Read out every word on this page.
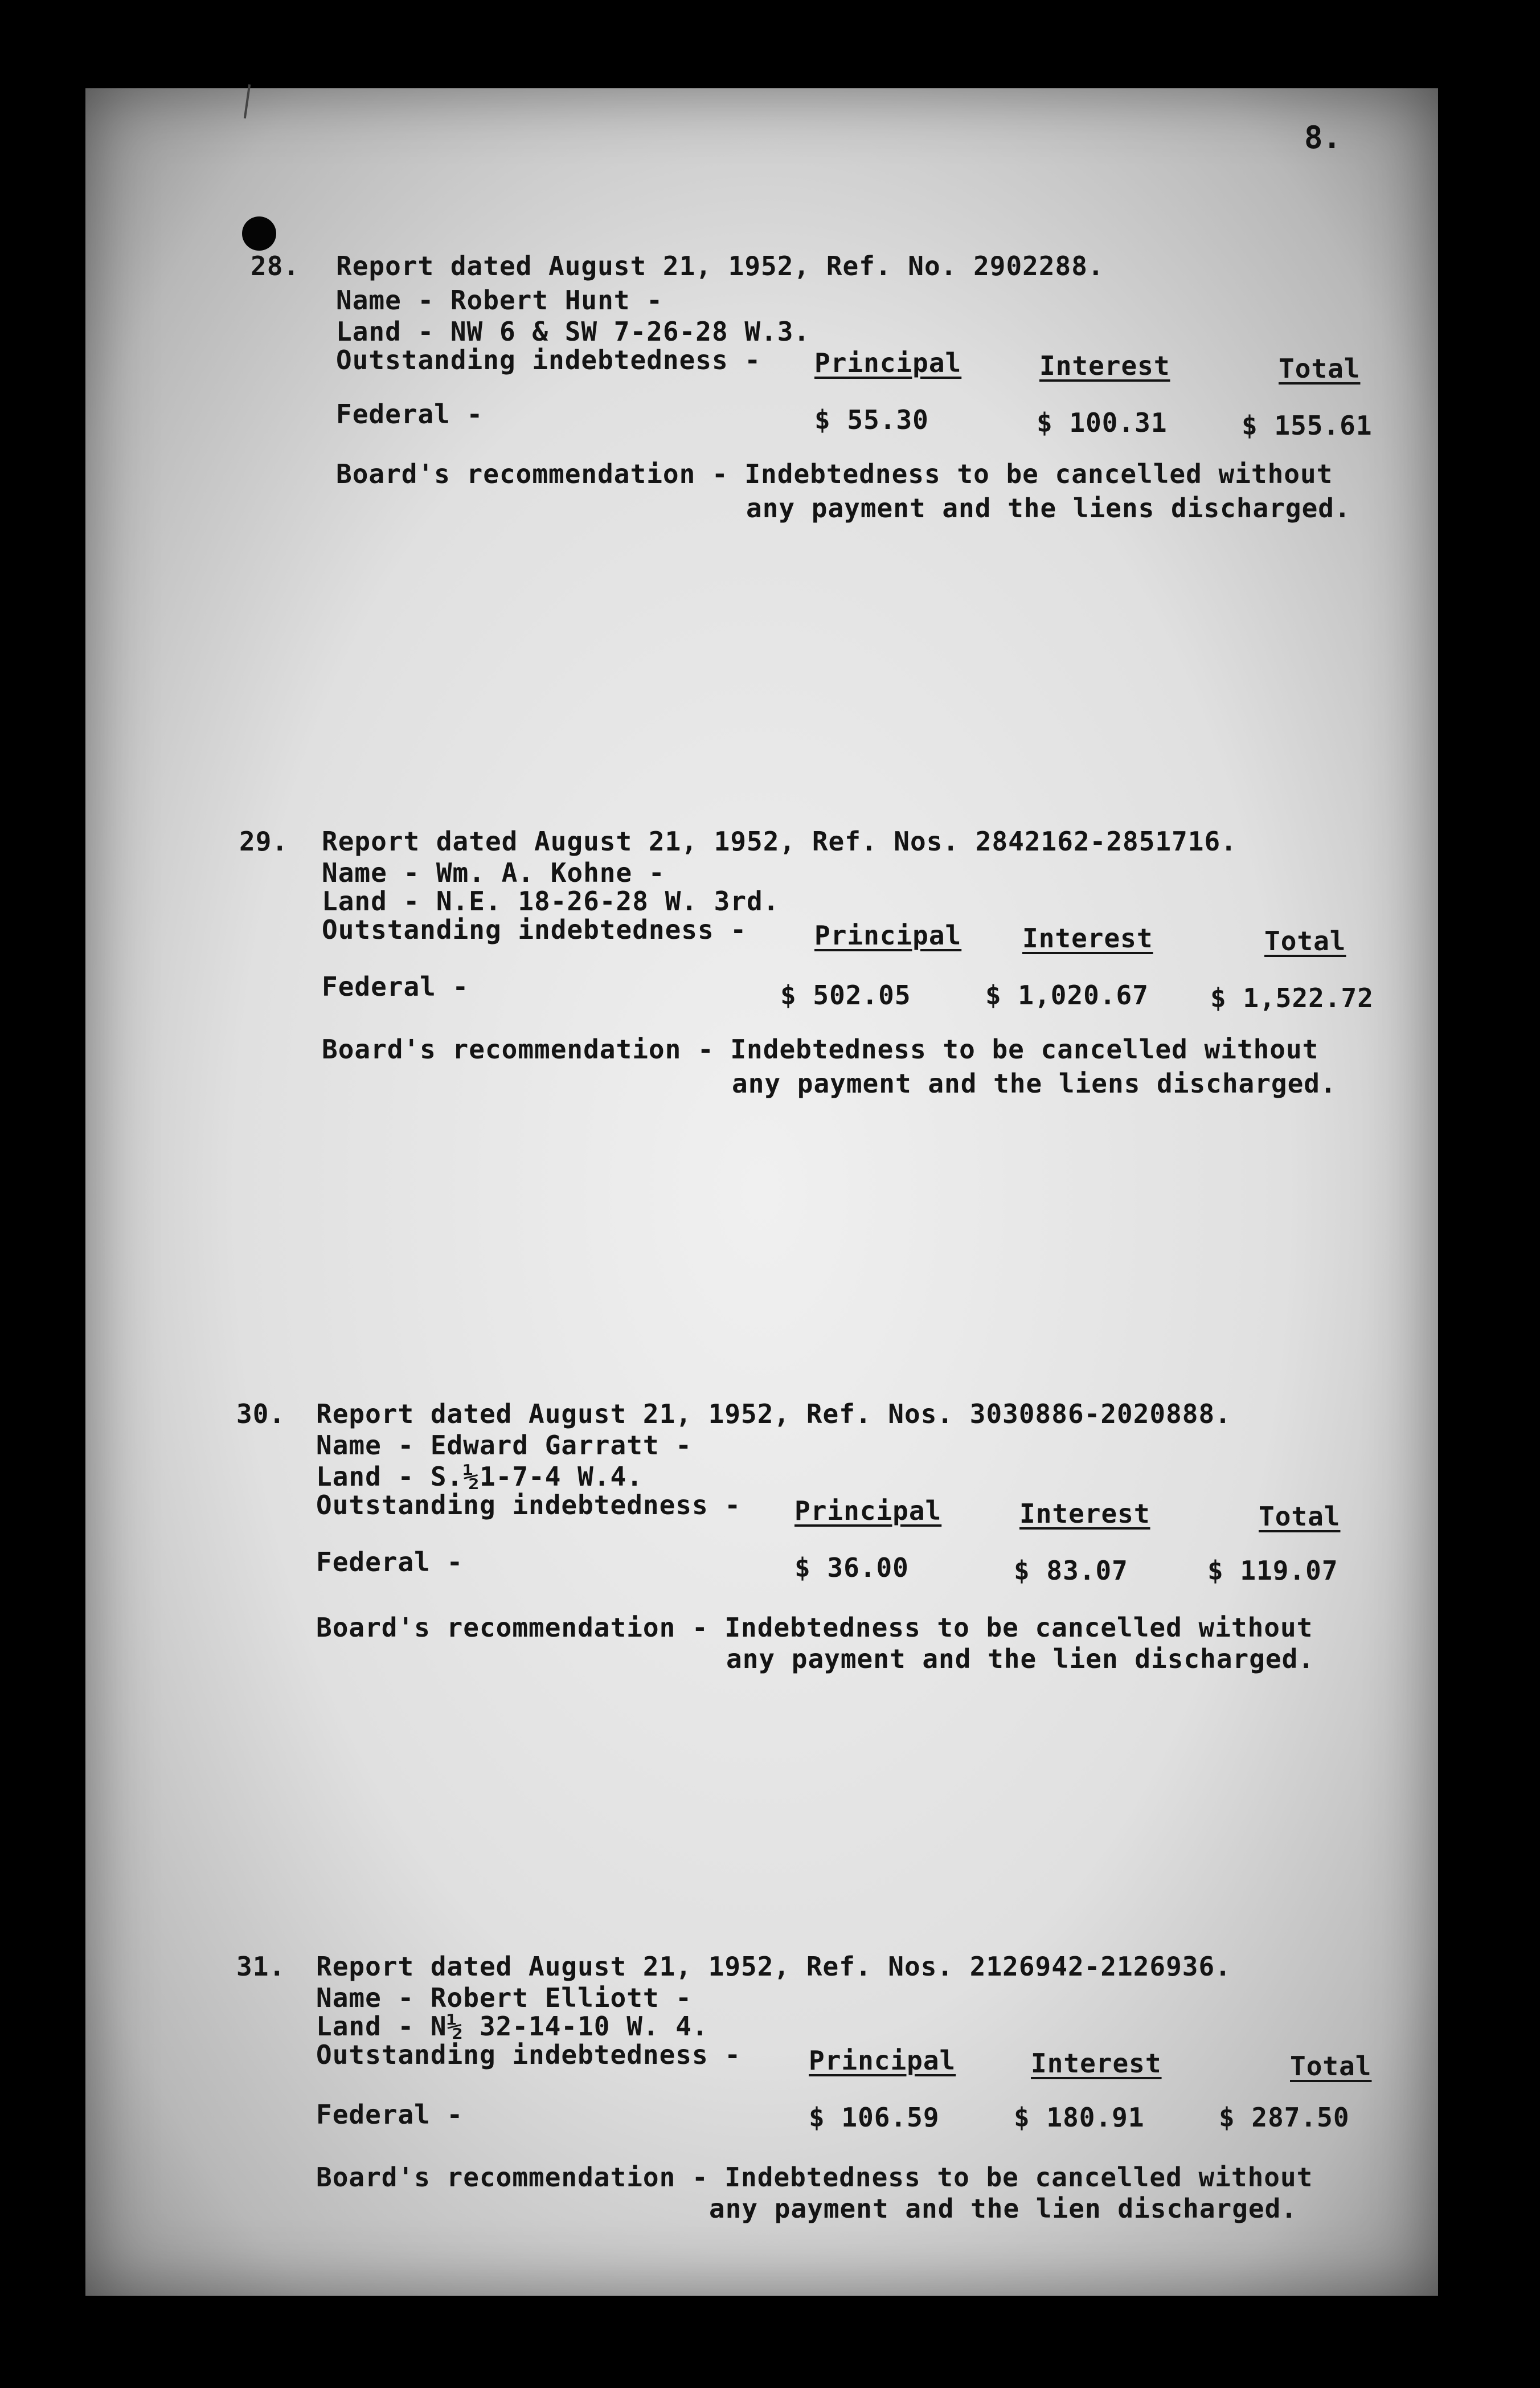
8.
28. Report dated August 21, 1952, Ref. No. 2902288.
Name - Robert Hunt -
Land - NW 6 & SW 7-26-28 W.3.
Outstanding indebtedness - Principal	Interest	Total
Federal -	$ 55.30	$ 100.31	$ 155.61
Board's recommendation - Indebtedness to be cancelled without
any payment and the liens discharged.
29. Report dated August 21, 1952, Ref. Nos. 2842162-2851716.
Name - Wm. A. Kohne -
Land - N.E. 18-26-28 W. 3rd.
Outstanding indebtedness -	Principal Interest	Total
Federal -	$ 502.05	$ 1,020.67 $ 1,522.72
Board's recommendation - Indebtedness to be cancelled without
any payment and the liens discharged.
30. Report dated August 21, 1952, Ref. Nos. 3030886-2020888.
Name - Edward Garratt -
Land - S.½1-7-4 W.4.
Outstanding indebtedness - Principal	Interest	Total
Federal -	$ 36.00	$ 83.07	$ 119.07
Board's recommendation - Indebtedness to be cancelled without
any payment and the lien discharged.
31. Report dated August 21, 1952, Ref. Nos. 2126942-2126936.
Name - Robert Elliott -
Land - N½ 32-14-10 W. 4.
Outstanding indebtedness -	Principal	Interest	Total
Federal -	$ 106.59	$ 180.91	$ 287.50
Board's recommendation - Indebtedness to be cancelled without
any payment and the lien discharged.
